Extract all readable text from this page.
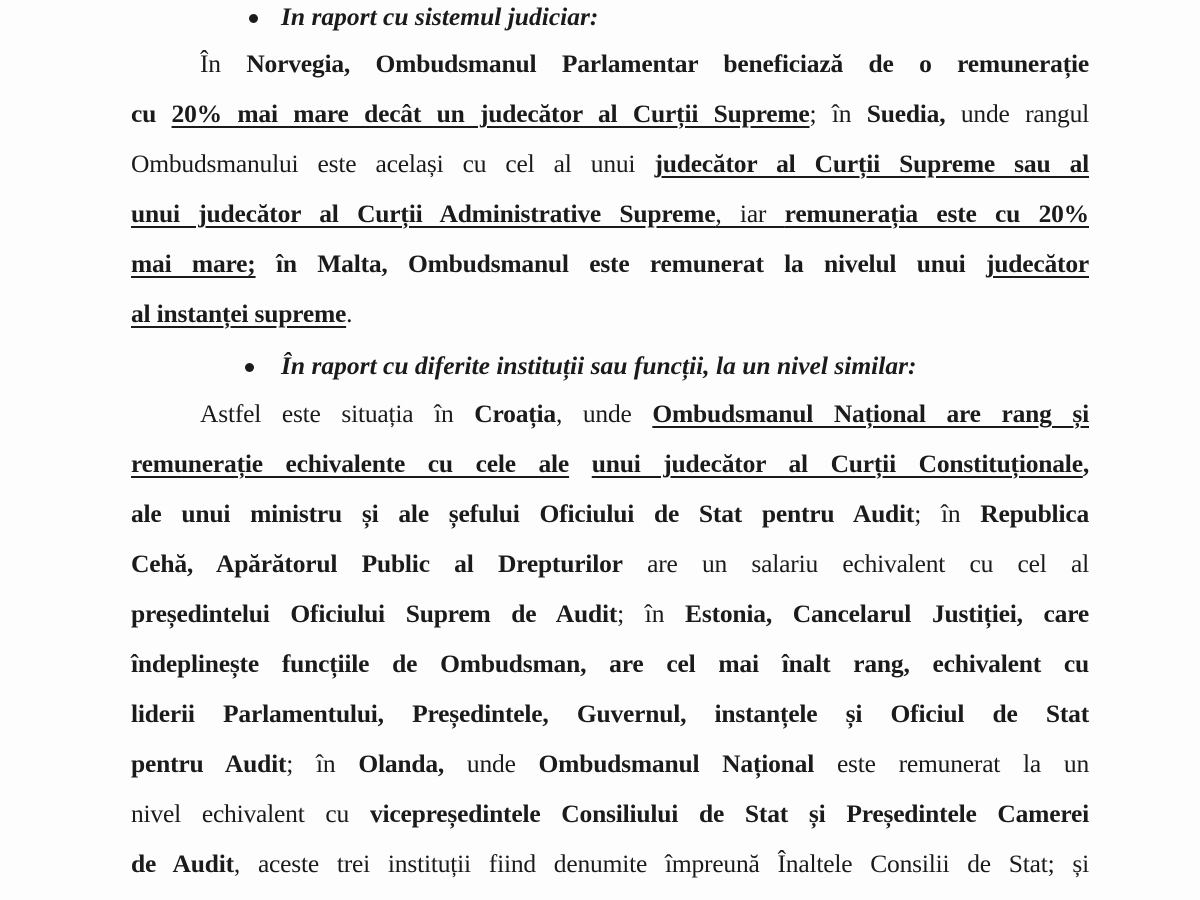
In raport cu sistemul judiciar:
În Norvegia, Ombudsmanul Parlamentar beneficiază de o remunerație
cu 20% mai mare decât un judecător al Curții Supreme; în Suedia, unde rangul
Ombudsmanului este același cu cel al unui judecător al Curții Supreme sau al
unui judecător al Curții Administrative Supreme, iar remunerația este cu 20%
mai mare; în Malta, Ombudsmanul este remunerat la nivelul unui judecător
al instanței supreme.
În raport cu diferite instituții sau funcții, la un nivel similar:
Astfel este situația în Croația, unde Ombudsmanul Național are rang și
remunerație echivalente cu cele ale unui judecător al Curții Constituționale,
ale unui ministru și ale șefului Oficiului de Stat pentru Audit; în Republica
Cehă, Apărătorul Public al Drepturilor are un salariu echivalent cu cel al
președintelui Oficiului Suprem de Audit; în Estonia, Cancelarul Justiției, care
îndeplinește funcțiile de Ombudsman, are cel mai înalt rang, echivalent cu
liderii Parlamentului, Președintele, Guvernul, instanțele și Oficiul de Stat
pentru Audit; în Olanda, unde Ombudsmanul Național este remunerat la un
nivel echivalent cu vicepreședintele Consiliului de Stat și Președintele Camerei
de Audit, aceste trei instituții fiind denumite împreună Înaltele Consilii de Stat; și
